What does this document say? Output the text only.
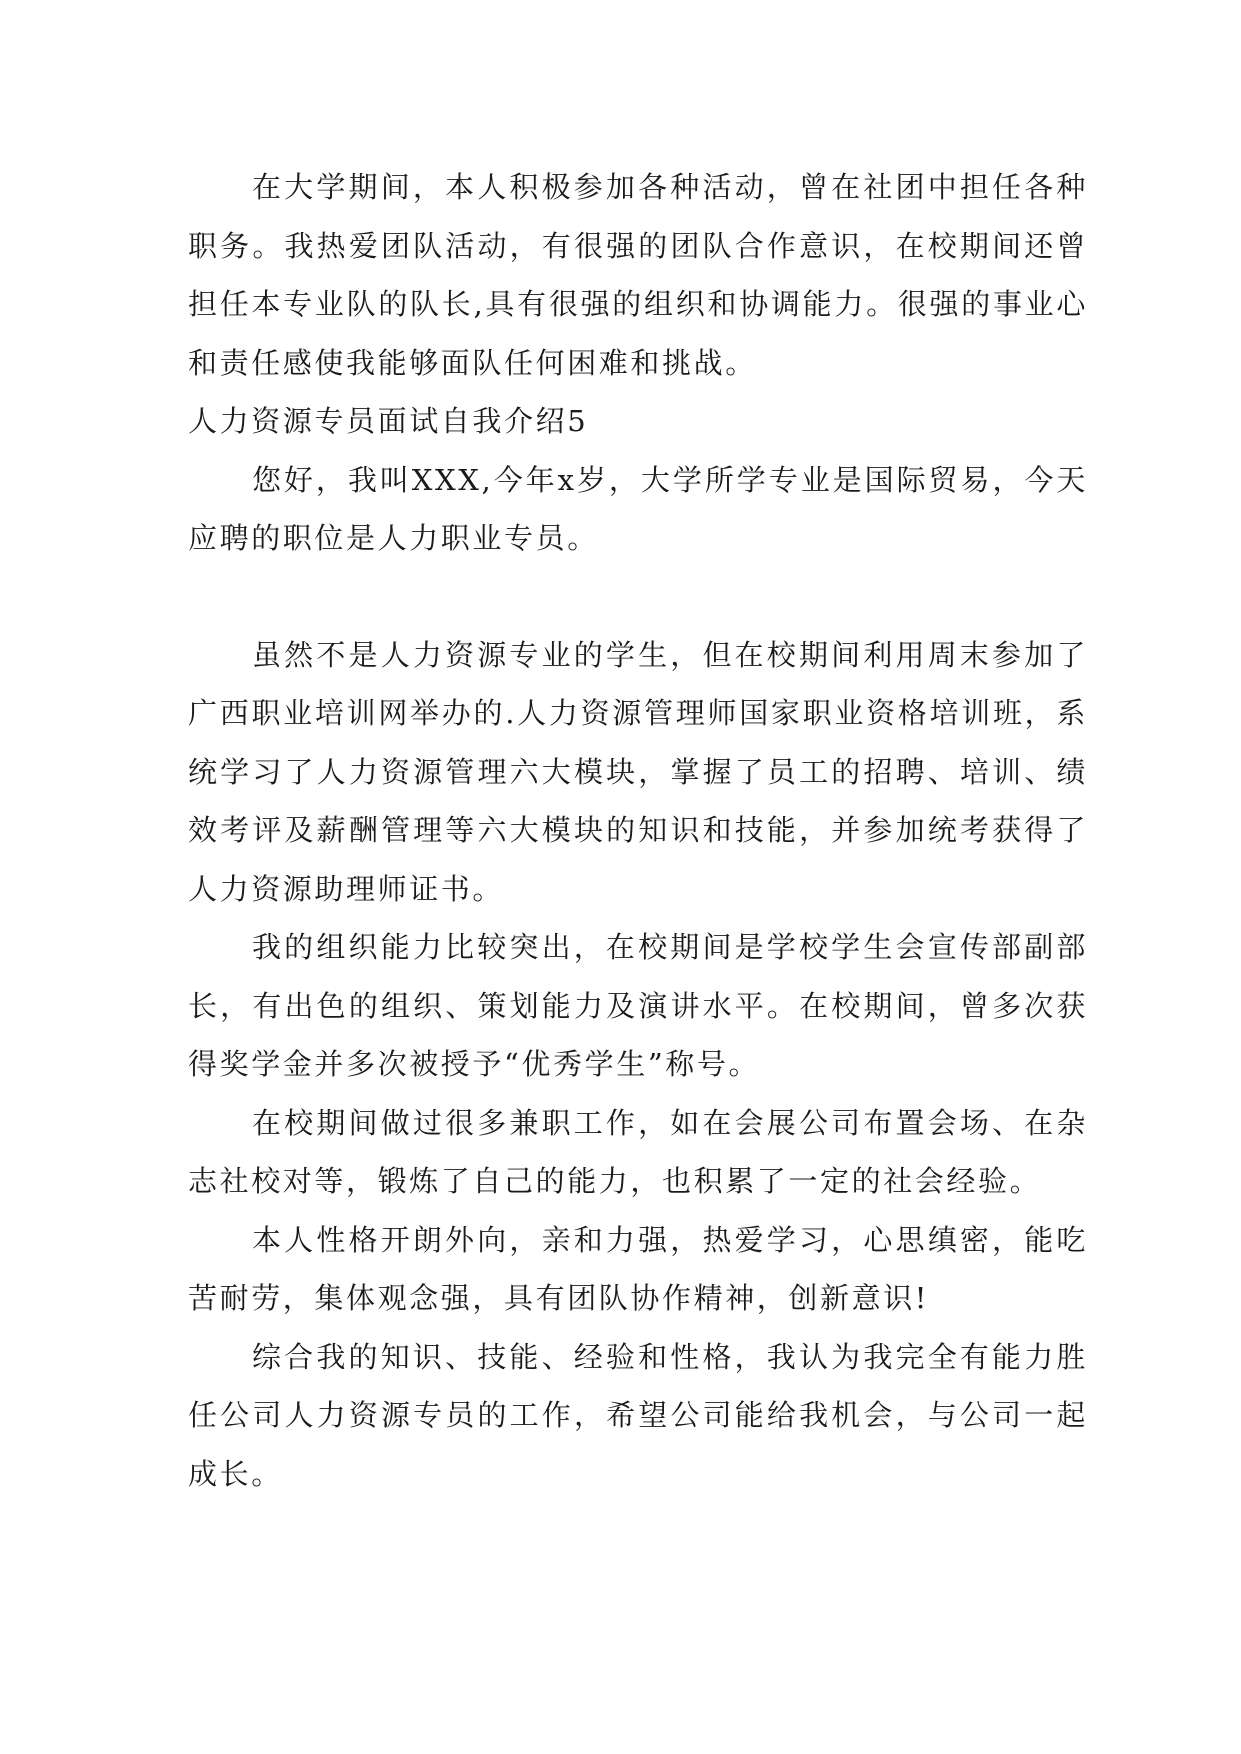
在大学期间，本人积极参加各种活动，曾在社团中担任各种职务。我热爱团队活动，有很强的团队合作意识，在校期间还曾担任本专业队的队长,具有很强的组织和协调能力。很强的事业心和责任感使我能够面队任何困难和挑战。

人力资源专员面试自我介绍5

您好，我叫XXX,今年x岁，大学所学专业是国际贸易，今天应聘的职位是人力职业专员。

虽然不是人力资源专业的学生，但在校期间利用周末参加了广西职业培训网举办的.人力资源管理师国家职业资格培训班，系统学习了人力资源管理六大模块，掌握了员工的招聘、培训、绩效考评及薪酬管理等六大模块的知识和技能，并参加统考获得了人力资源助理师证书。

我的组织能力比较突出，在校期间是学校学生会宣传部副部长，有出色的组织、策划能力及演讲水平。在校期间，曾多次获得奖学金并多次被授予“优秀学生”称号。

在校期间做过很多兼职工作，如在会展公司布置会场、在杂志社校对等，锻炼了自己的能力，也积累了一定的社会经验。

本人性格开朗外向，亲和力强，热爱学习，心思缜密，能吃苦耐劳，集体观念强，具有团队协作精神，创新意识!

综合我的知识、技能、经验和性格，我认为我完全有能力胜任公司人力资源专员的工作，希望公司能给我机会，与公司一起成长。
